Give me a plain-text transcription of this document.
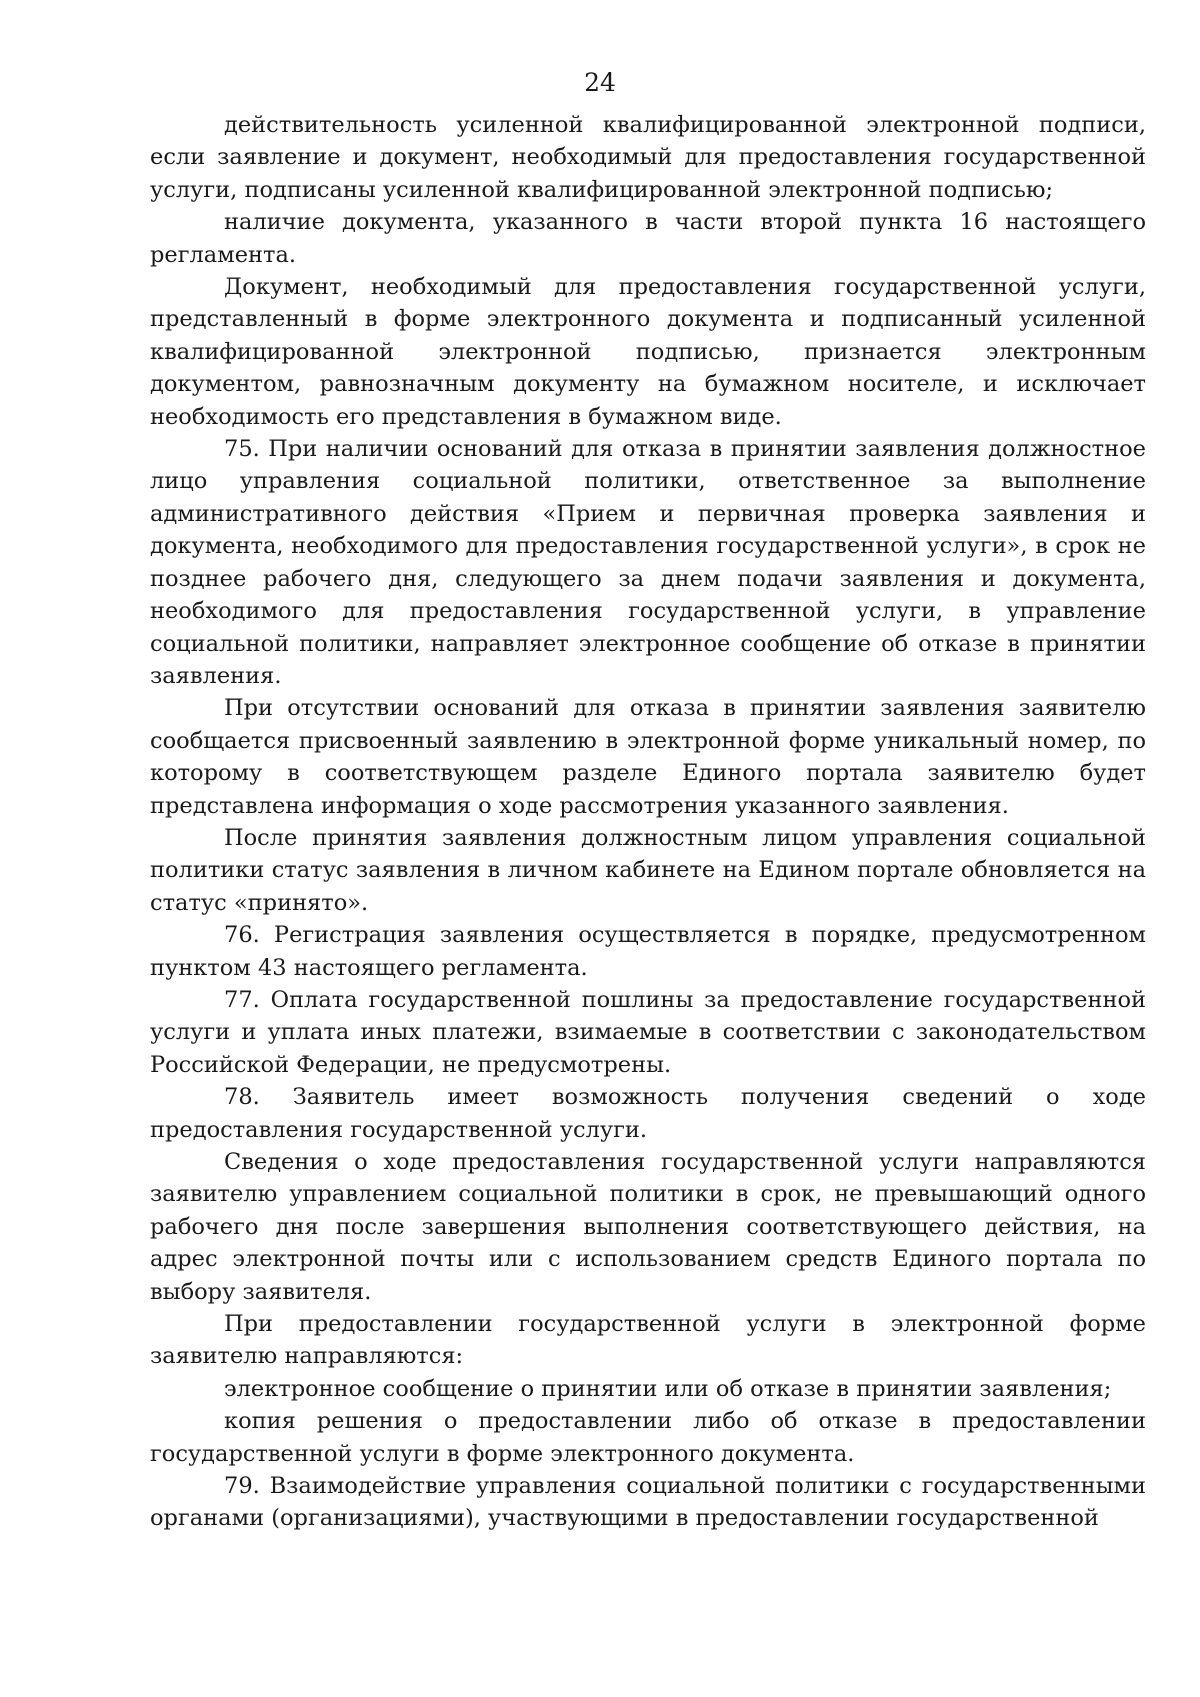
24

действительность усиленной квалифицированной электронной подписи, если заявление и документ, необходимый для предоставления государственной услуги, подписаны усиленной квалифицированной электронной подписью;

наличие документа, указанного в части второй пункта 16 настоящего регламента.

Документ, необходимый для предоставления государственной услуги, представленный в форме электронного документа и подписанный усиленной квалифицированной электронной подписью, признается электронным документом, равнозначным документу на бумажном носителе, и исключает необходимость его представления в бумажном виде.

75. При наличии оснований для отказа в принятии заявления должностное лицо управления социальной политики, ответственное за выполнение административного действия «Прием и первичная проверка заявления и документа, необходимого для предоставления государственной услуги», в срок не позднее рабочего дня, следующего за днем подачи заявления и документа, необходимого для предоставления государственной услуги, в управление социальной политики, направляет электронное сообщение об отказе в принятии заявления.

При отсутствии оснований для отказа в принятии заявления заявителю сообщается присвоенный заявлению в электронной форме уникальный номер, по которому в соответствующем разделе Единого портала заявителю будет представлена информация о ходе рассмотрения указанного заявления.

После принятия заявления должностным лицом управления социальной политики статус заявления в личном кабинете на Едином портале обновляется на статус «принято».

76. Регистрация заявления осуществляется в порядке, предусмотренном пунктом 43 настоящего регламента.

77. Оплата государственной пошлины за предоставление государственной услуги и уплата иных платежи, взимаемые в соответствии с законодательством Российской Федерации, не предусмотрены.

78. Заявитель имеет возможность получения сведений о ходе предоставления государственной услуги.

Сведения о ходе предоставления государственной услуги направляются заявителю управлением социальной политики в срок, не превышающий одного рабочего дня после завершения выполнения соответствующего действия, на адрес электронной почты или с использованием средств Единого портала по выбору заявителя.

При предоставлении государственной услуги в электронной форме заявителю направляются:

электронное сообщение о принятии или об отказе в принятии заявления;

копия решения о предоставлении либо об отказе в предоставлении государственной услуги в форме электронного документа.

79. Взаимодействие управления социальной политики с государственными органами (организациями), участвующими в предоставлении государственной
